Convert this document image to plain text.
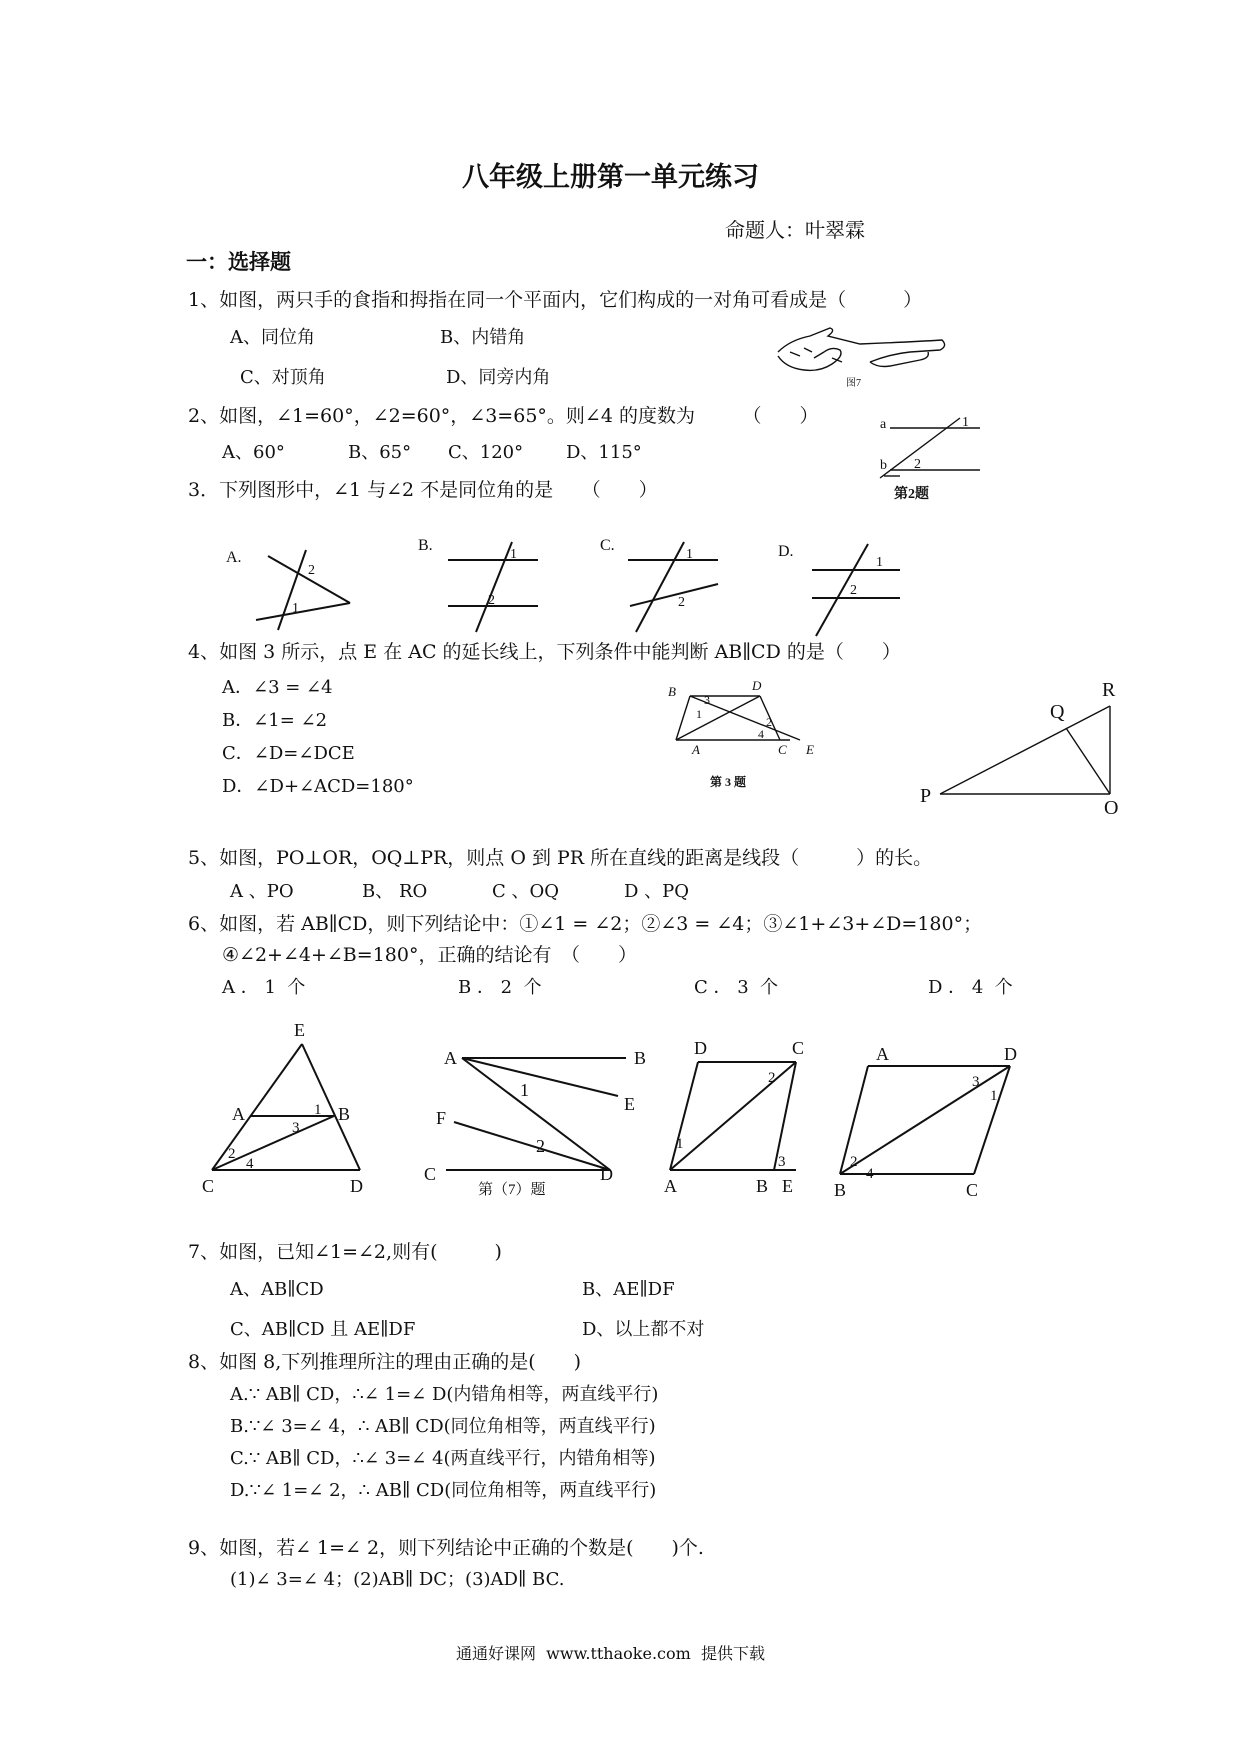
八年级上册第一单元练习
命题人：叶翠霖
一：选择题
1、如图，两只手的食指和拇指在同一个平面内，它们构成的一对角可看成是（　　　）
A、同位角	B、内错角
C、对顶角	D、同旁内角	图7
2、如图，∠1=60°，∠2=60°，∠3=65°。则∠4 的度数为　　　（　　）
A、60°	B、65° C、120° D、115°
a
b
1
2
第2题
3．下列图形中，∠1 与∠2 不是同位角的是　　（　　）
A.
2
1
B.
1
2
C.
1
2
D.
1
2
4、如图 3 所示，点 E 在 AC 的延长线上，下列条件中能判断 AB∥CD 的是（　　）
A．∠3 = ∠4
B．∠1= ∠2
C．∠D=∠DCE
D．∠D+∠ACD=180°
B	D
A	C E
3
1
2
4
第 3 题
Q
R
P
O
5、如图，PO⊥OR，OQ⊥PR，则点 O 到 PR 所在直线的距离是线段（　　　）的长。
A 、PO	B、 RO	C 、OQ	D 、PQ
6、如图，若 AB∥CD，则下列结论中：①∠1 = ∠2；②∠3 = ∠4；③∠1+∠3+∠D=180°；
④∠2+∠4+∠B=180°，正确的结论有　（　　）
A ． 1  个	B ． 2  个	C ． 3  个	D ． 4  个
E
A	B
C	D
1
3
2
4
A	B
E
F
C	D
1
2
第（7）题
D	C
A	B E
2
1
3
A	D
B	C
3
1
2
4
7、如图，已知∠1=∠2,则有(　　　)
A、AB∥CD	B、AE∥DF
C、AB∥CD 且 AE∥DF	D、以上都不对
8、如图 8,下列推理所注的理由正确的是(　　)
A.∵ AB∥ CD，∴∠ 1=∠ D(内错角相等，两直线平行)
B.∵∠ 3=∠ 4，∴ AB∥ CD(同位角相等，两直线平行)
C.∵ AB∥ CD，∴∠ 3=∠ 4(两直线平行，内错角相等)
D.∵∠ 1=∠ 2，∴ AB∥ CD(同位角相等，两直线平行)
9、如图，若∠ 1=∠ 2，则下列结论中正确的个数是(　　)个.
(1)∠ 3=∠ 4；(2)AB∥ DC；(3)AD∥ BC.
通通好课网  www.tthaoke.com  提供下载
